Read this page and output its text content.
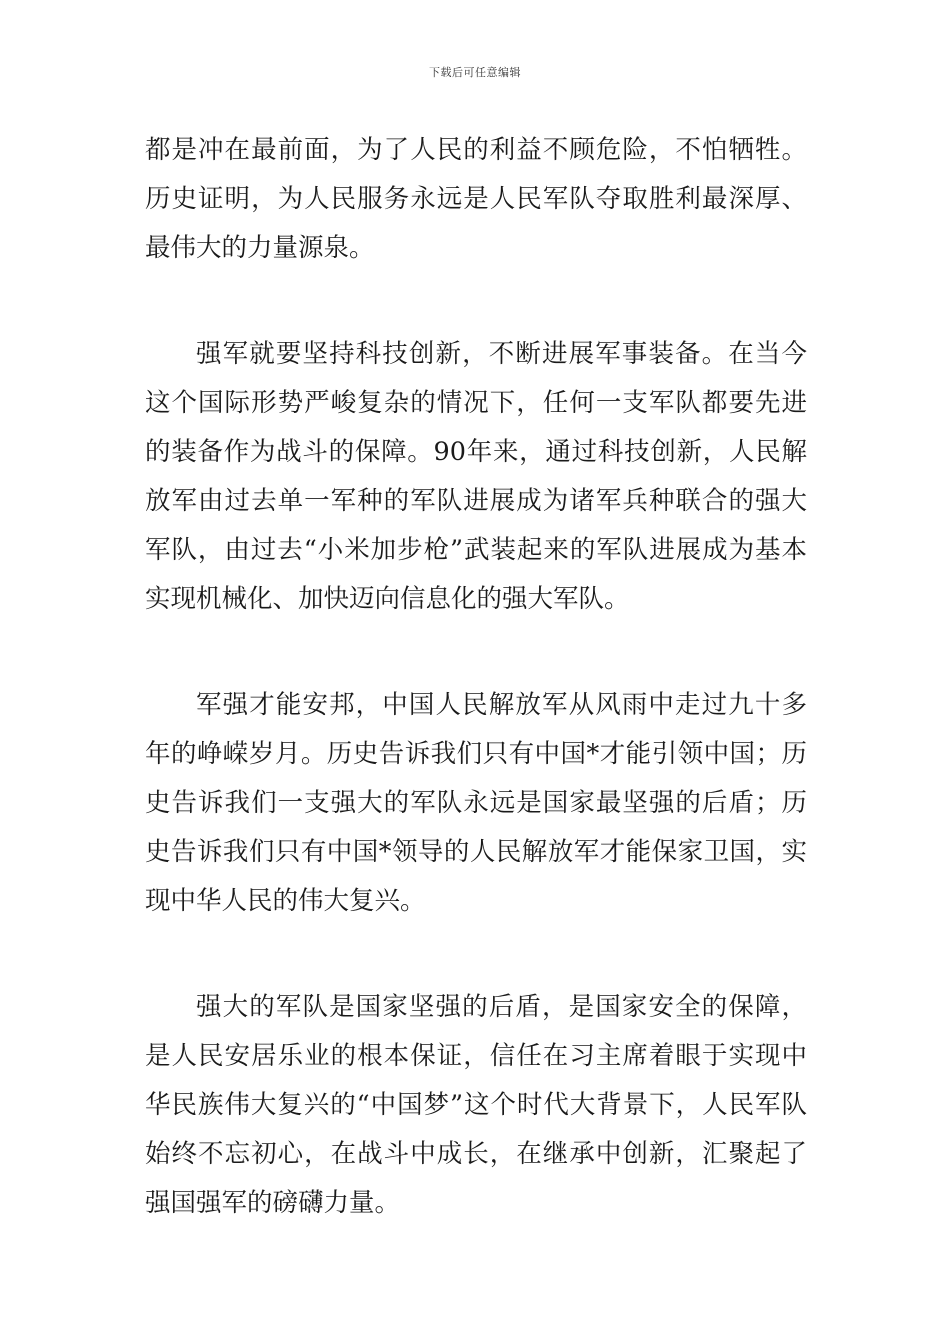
下载后可任意编辑

都是冲在最前面，为了人民的利益不顾危险，不怕牺牲。历史证明，为人民服务永远是人民军队夺取胜利最深厚、最伟大的力量源泉。

强军就要坚持科技创新，不断进展军事装备。在当今这个国际形势严峻复杂的情况下，任何一支军队都要先进的装备作为战斗的保障。90年来，通过科技创新，人民解放军由过去单一军种的军队进展成为诸军兵种联合的强大军队，由过去“小米加步枪”武装起来的军队进展成为基本实现机械化、加快迈向信息化的强大军队。

军强才能安邦，中国人民解放军从风雨中走过九十多年的峥嵘岁月。历史告诉我们只有中国*才能引领中国；历史告诉我们一支强大的军队永远是国家最坚强的后盾；历史告诉我们只有中国*领导的人民解放军才能保家卫国，实现中华人民的伟大复兴。

强大的军队是国家坚强的后盾，是国家安全的保障，是人民安居乐业的根本保证，信任在习主席着眼于实现中华民族伟大复兴的“中国梦”这个时代大背景下，人民军队始终不忘初心，在战斗中成长，在继承中创新，汇聚起了强国强军的磅礴力量。
